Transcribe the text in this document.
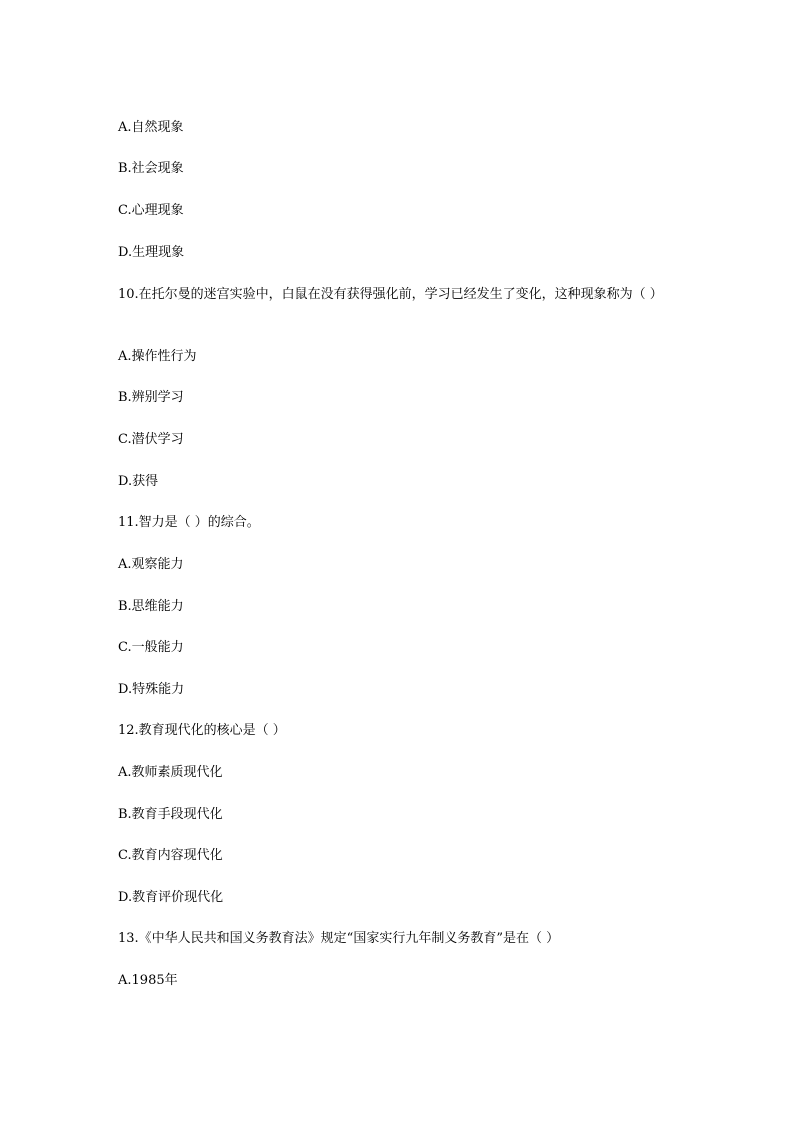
A.自然现象

B.社会现象

C.心理现象

D.生理现象

10.在托尔曼的迷宫实验中，白鼠在没有获得强化前，学习已经发生了变化，这种现象称为（ ）

A.操作性行为

B.辨别学习

C.潜伏学习

D.获得

11.智力是（ ）的综合。

A.观察能力

B.思维能力

C.一般能力

D.特殊能力

12.教育现代化的核心是（ ）

A.教师素质现代化

B.教育手段现代化

C.教育内容现代化

D.教育评价现代化

13.《中华人民共和国义务教育法》规定“国家实行九年制义务教育”是在（ ）

A.1985年
